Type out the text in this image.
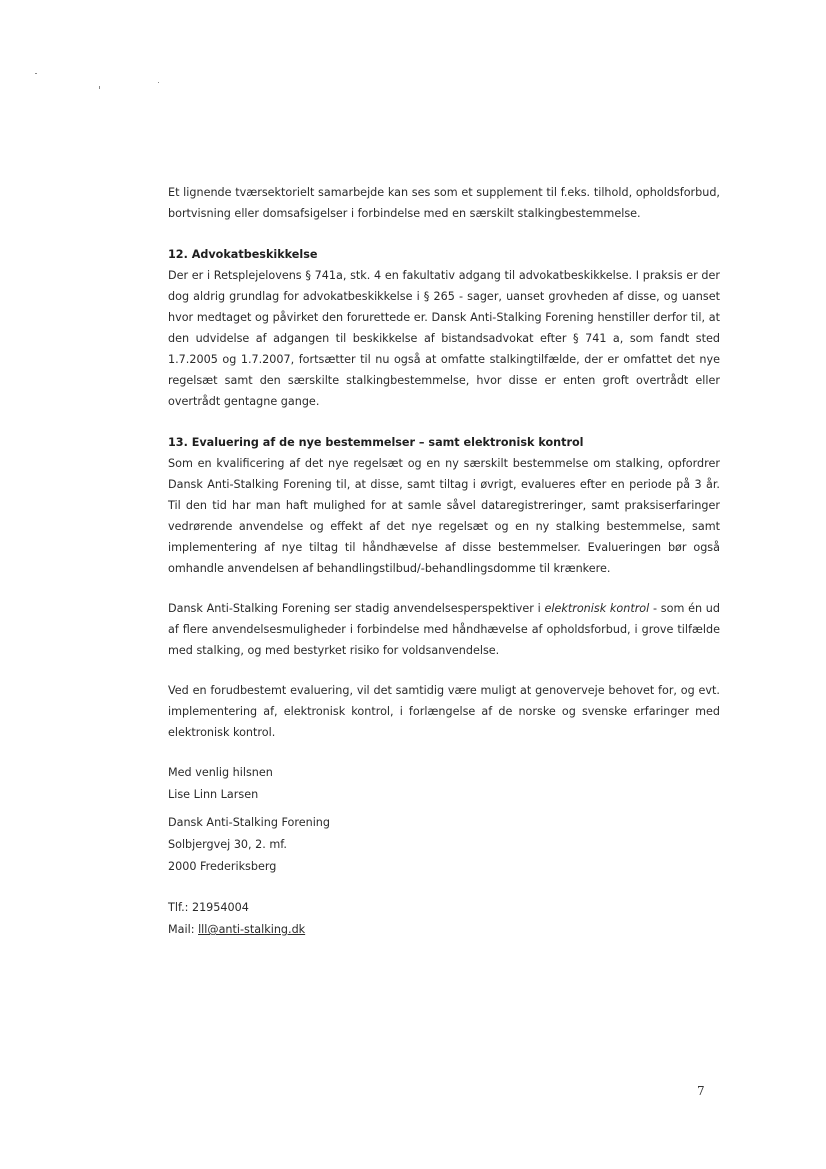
Et lignende tværsektorielt samarbejde kan ses som et supplement til f.eks. tilhold, opholdsforbud, bortvisning eller domsafsigelser i forbindelse med en særskilt stalkingbestemmelse.

12. Advokatbeskikkelse

Der er i Retsplejelovens § 741a, stk. 4 en fakultativ adgang til advokatbeskikkelse. I praksis er der dog aldrig grundlag for advokatbeskikkelse i § 265 - sager, uanset grovheden af disse, og uanset hvor medtaget og påvirket den forurettede er. Dansk Anti-Stalking Forening henstiller derfor til, at den udvidelse af adgangen til beskikkelse af bistandsadvokat efter § 741 a, som fandt sted 1.7.2005 og 1.7.2007, fortsætter til nu også at omfatte stalkingtilfælde, der er omfattet det nye regelsæt samt den særskilte stalkingbestemmelse, hvor disse er enten groft overtrådt eller overtrådt gentagne gange.

13. Evaluering af de nye bestemmelser – samt elektronisk kontrol

Som en kvalificering af det nye regelsæt og en ny særskilt bestemmelse om stalking, opfordrer Dansk Anti-Stalking Forening til, at disse, samt tiltag i øvrigt, evalueres efter en periode på 3 år. Til den tid har man haft mulighed for at samle såvel dataregistreringer, samt praksiserfaringer vedrørende anvendelse og effekt af det nye regelsæt og en ny stalking bestemmelse, samt implementering af nye tiltag til håndhævelse af disse bestemmelser. Evalueringen bør også omhandle anvendelsen af behandlingstilbud/-behandlingsdomme til krænkere.

Dansk Anti-Stalking Forening ser stadig anvendelsesperspektiver i elektronisk kontrol - som én ud af flere anvendelsesmuligheder i forbindelse med håndhævelse af opholdsforbud, i grove tilfælde med stalking, og med bestyrket risiko for voldsanvendelse.

Ved en forudbestemt evaluering, vil det samtidig være muligt at genoverveje behovet for, og evt. implementering af, elektronisk kontrol, i forlængelse af de norske og svenske erfaringer med elektronisk kontrol.

Med venlig hilsnen

Lise Linn Larsen

Dansk Anti-Stalking Forening

Solbjergvej 30, 2. mf.

2000 Frederiksberg

Tlf.: 21954004

Mail: lll@anti-stalking.dk

7
